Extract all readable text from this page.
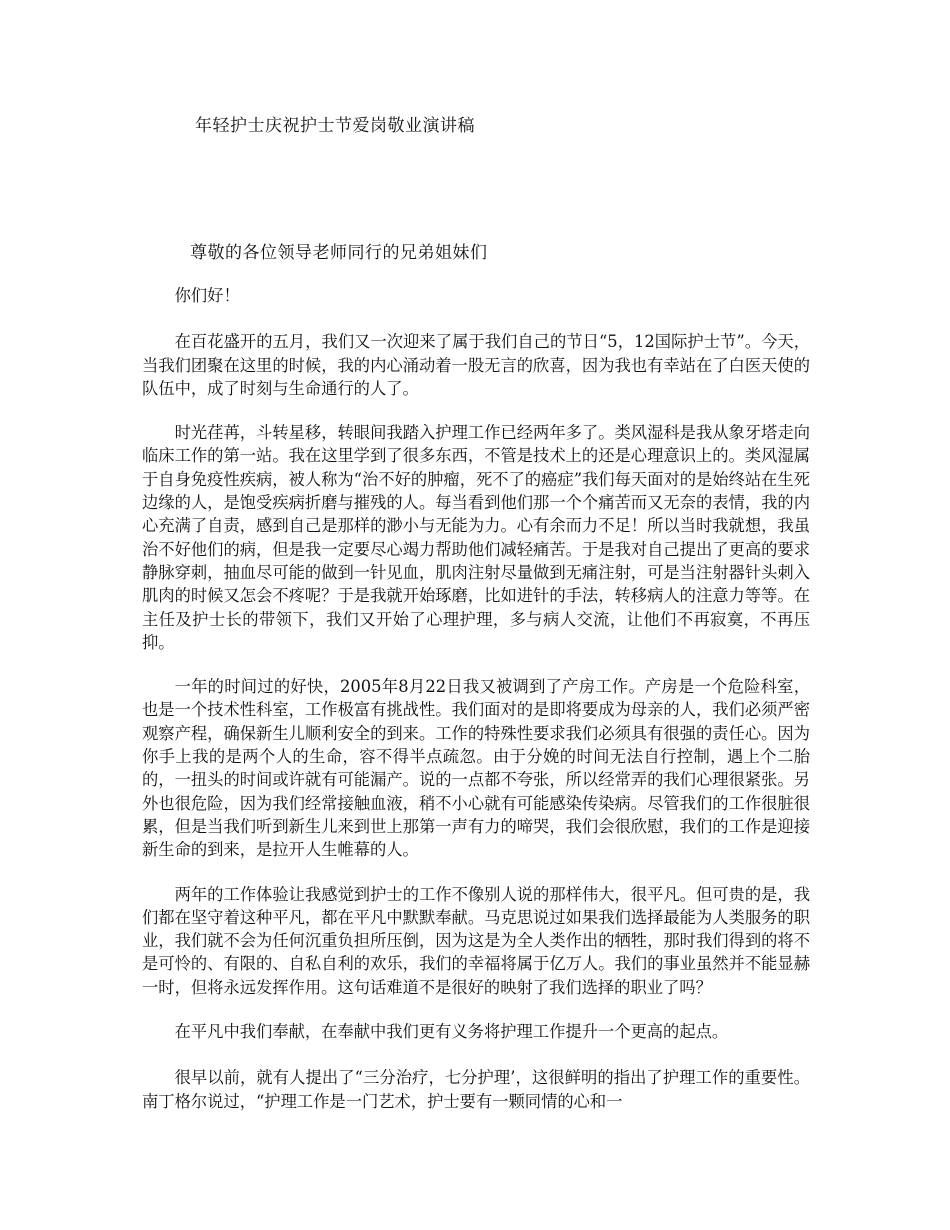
年轻护士庆祝护士节爱岗敬业演讲稿
尊敬的各位领导老师同行的兄弟姐妹们

你们好！

在百花盛开的五月，我们又一次迎来了属于我们自己的节日“5，12国际护士节”。今天，当我们团聚在这里的时候，我的内心涌动着一股无言的欣喜，因为我也有幸站在了白医天使的队伍中，成了时刻与生命通行的人了。

时光荏苒，斗转星移，转眼间我踏入护理工作已经两年多了。类风湿科是我从象牙塔走向临床工作的第一站。我在这里学到了很多东西，不管是技术上的还是心理意识上的。类风湿属于自身免疫性疾病，被人称为“治不好的肿瘤，死不了的癌症”我们每天面对的是始终站在生死边缘的人，是饱受疾病折磨与摧残的人。每当看到他们那一个个痛苦而又无奈的表情，我的内心充满了自责，感到自己是那样的渺小与无能为力。心有余而力不足！所以当时我就想，我虽治不好他们的病，但是我一定要尽心竭力帮助他们减轻痛苦。于是我对自己提出了更高的要求静脉穿刺，抽血尽可能的做到一针见血，肌肉注射尽量做到无痛注射，可是当注射器针头刺入肌肉的时候又怎会不疼呢？于是我就开始琢磨，比如进针的手法，转移病人的注意力等等。在主任及护士长的带领下，我们又开始了心理护理，多与病人交流，让他们不再寂寞，不再压抑。

一年的时间过的好快，2005年8月22日我又被调到了产房工作。产房是一个危险科室，也是一个技术性科室，工作极富有挑战性。我们面对的是即将要成为母亲的人，我们必须严密观察产程，确保新生儿顺利安全的到来。工作的特殊性要求我们必须具有很强的责任心。因为你手上我的是两个人的生命，容不得半点疏忽。由于分娩的时间无法自行控制，遇上个二胎的，一扭头的时间或许就有可能漏产。说的一点都不夸张，所以经常弄的我们心理很紧张。另外也很危险，因为我们经常接触血液，稍不小心就有可能感染传染病。尽管我们的工作很脏很累，但是当我们听到新生儿来到世上那第一声有力的啼哭，我们会很欣慰，我们的工作是迎接新生命的到来，是拉开人生帷幕的人。

两年的工作体验让我感觉到护士的工作不像别人说的那样伟大，很平凡。但可贵的是，我们都在坚守着这种平凡，都在平凡中默默奉献。马克思说过如果我们选择最能为人类服务的职业，我们就不会为任何沉重负担所压倒，因为这是为全人类作出的牺牲，那时我们得到的将不是可怜的、有限的、自私自利的欢乐，我们的幸福将属于亿万人。我们的事业虽然并不能显赫一时，但将永远发挥作用。这句话难道不是很好的映射了我们选择的职业了吗？

在平凡中我们奉献，在奉献中我们更有义务将护理工作提升一个更高的起点。

很早以前，就有人提出了“三分治疗，七分护理’，这很鲜明的指出了护理工作的重要性。南丁格尔说过，“护理工作是一门艺术，护士要有一颗同情的心和一
